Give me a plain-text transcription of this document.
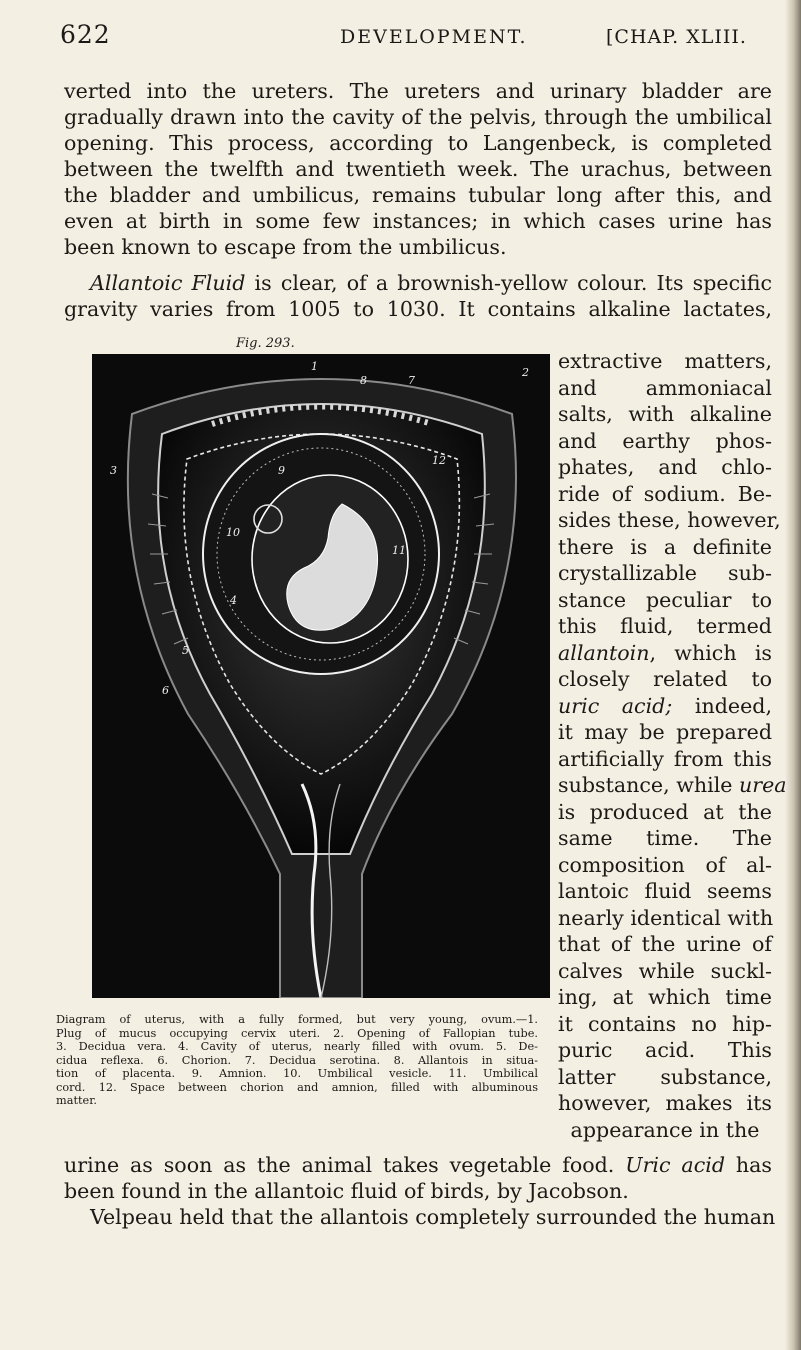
622	DEVELOPMENT.	[CHAP. XLIII.

verted into the ureters. The ureters and urinary bladder are
gradually drawn into the cavity of the pelvis, through the umbilical
opening. This process, according to Langenbeck, is completed
between the twelfth and twentieth week. The urachus, between
the bladder and umbilicus, remains tubular long after this, and
even at birth in some few instances; in which cases urine has
been known to escape from the umbilicus.

Allantoic Fluid is clear, of a brownish-yellow colour. Its specific
gravity varies from 1005 to 1030. It contains alkaline lactates,

Fig. 293.
1	2
3
4
5
6
7
8
9
10
11
12
Diagram of uterus, with a fully formed, but very young, ovum.—1.
Plug of mucus occupying cervix uteri. 2. Opening of Fallopian tube.
3. Decidua vera. 4. Cavity of uterus, nearly filled with ovum. 5. De-
cidua reflexa. 6. Chorion. 7. Decidua serotina. 8. Allantois in situa-
tion of placenta. 9. Amnion. 10. Umbilical vesicle. 11. Umbilical
cord. 12. Space between chorion and amnion, filled with albuminous
matter.
extractive matters,
and ammoniacal
salts, with alkaline
and earthy phos-
phates, and chlo-
ride of sodium. Be-
sides these, however,
there is a definite
crystallizable sub-
stance peculiar to
this fluid, termed
allantoin, which is
closely related to
uric acid; indeed,
it may be prepared
artificially from this
substance, while urea
is produced at the
same time. The
composition of al-
lantoic fluid seems
nearly identical with
that of the urine of
calves while suckl-
ing, at which time
it contains no hip-
puric acid. This
latter substance,
however, makes its
appearance in the

urine as soon as the animal takes vegetable food. Uric acid has
been found in the allantoic fluid of birds, by Jacobson.
Velpeau held that the allantois completely surrounded the human
